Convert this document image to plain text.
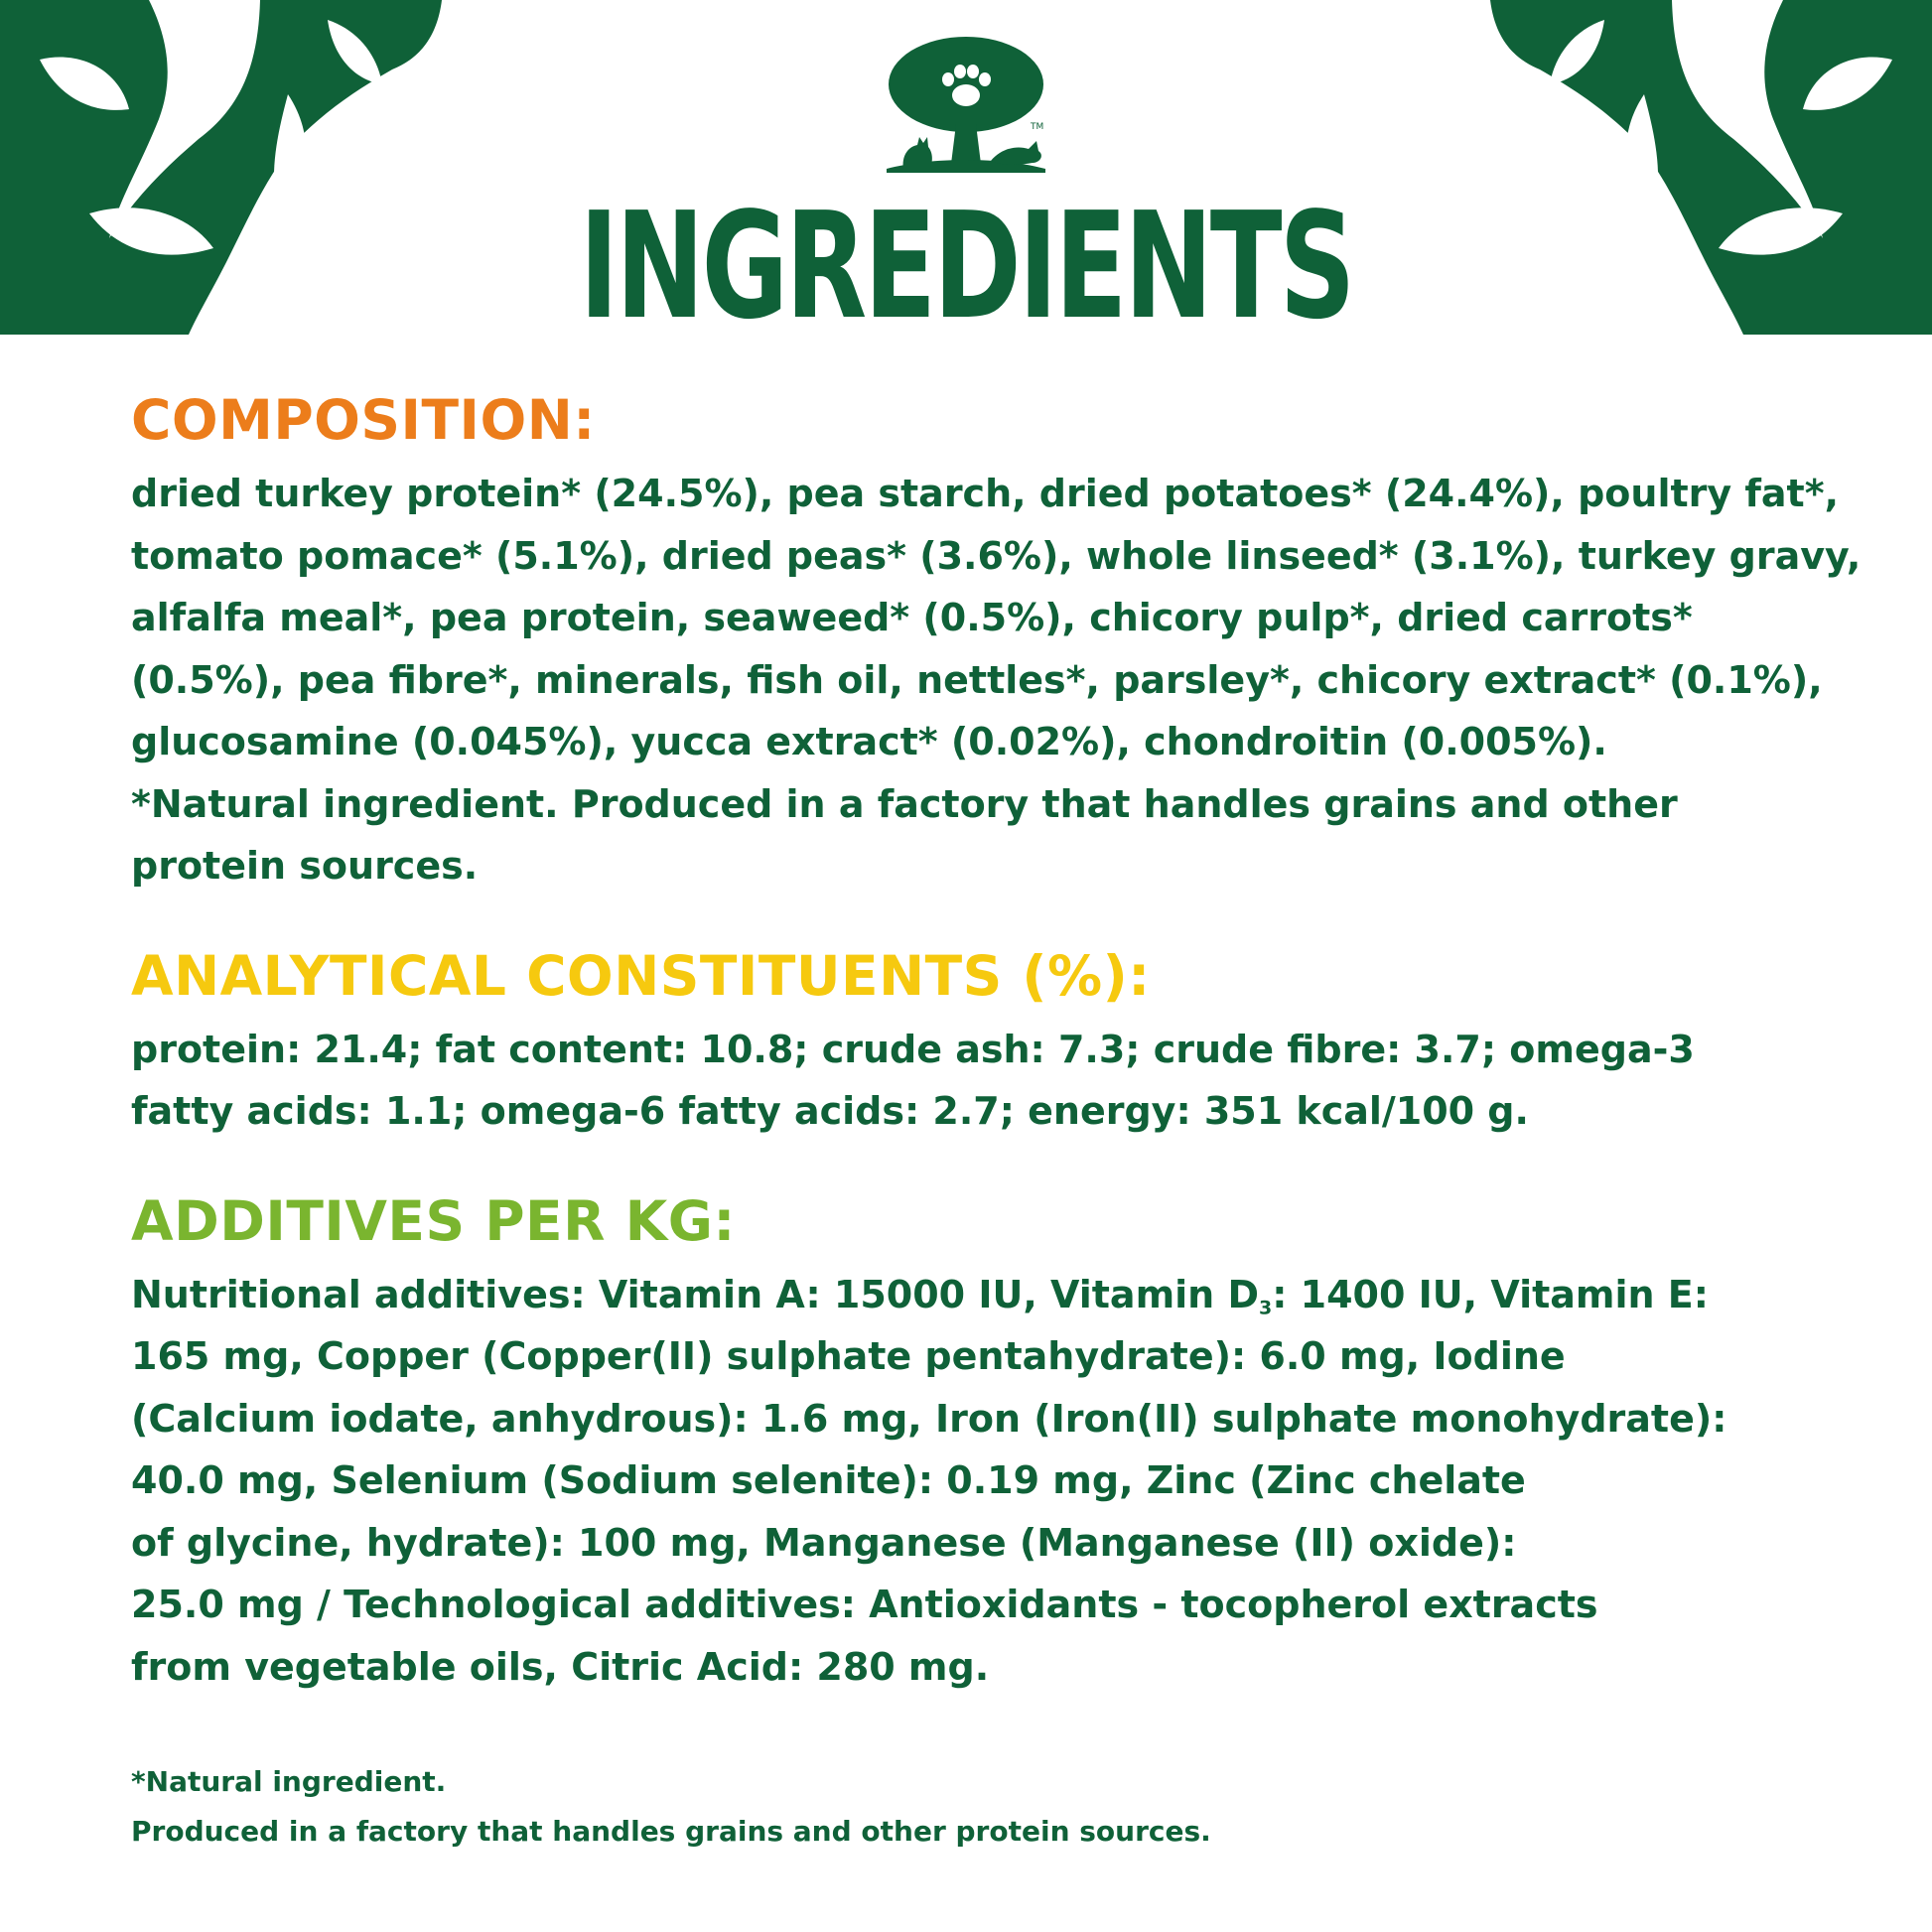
TM
INGREDIENTS
COMPOSITION:
dried turkey protein* (24.5%), pea starch, dried potatoes* (24.4%), poultry fat*,
tomato pomace* (5.1%), dried peas* (3.6%), whole linseed* (3.1%), turkey gravy,
alfalfa meal*, pea protein, seaweed* (0.5%), chicory pulp*, dried carrots*
(0.5%), pea fibre*, minerals, fish oil, nettles*, parsley*, chicory extract* (0.1%),
glucosamine (0.045%), yucca extract* (0.02%), chondroitin (0.005%).
*Natural ingredient. Produced in a factory that handles grains and other
protein sources.
ANALYTICAL CONSTITUENTS (%):
protein: 21.4; fat content: 10.8; crude ash: 7.3; crude fibre: 3.7; omega-3
fatty acids: 1.1; omega-6 fatty acids: 2.7; energy: 351 kcal/100 g.
ADDITIVES PER KG:
Nutritional additives: Vitamin A: 15000 IU, Vitamin $D_3$: 1400 IU, Vitamin E:
165 mg, Copper (Copper(II) sulphate pentahydrate): 6.0 mg, Iodine
(Calcium iodate, anhydrous): 1.6 mg, Iron (Iron(II) sulphate monohydrate):
40.0 mg, Selenium (Sodium selenite): 0.19 mg, Zinc (Zinc chelate
of glycine, hydrate): 100 mg, Manganese (Manganese (II) oxide):
25.0 mg / Technological additives: Antioxidants - tocopherol extracts
from vegetable oils, Citric Acid: 280 mg.
*Natural ingredient.
Produced in a factory that handles grains and other protein sources.
